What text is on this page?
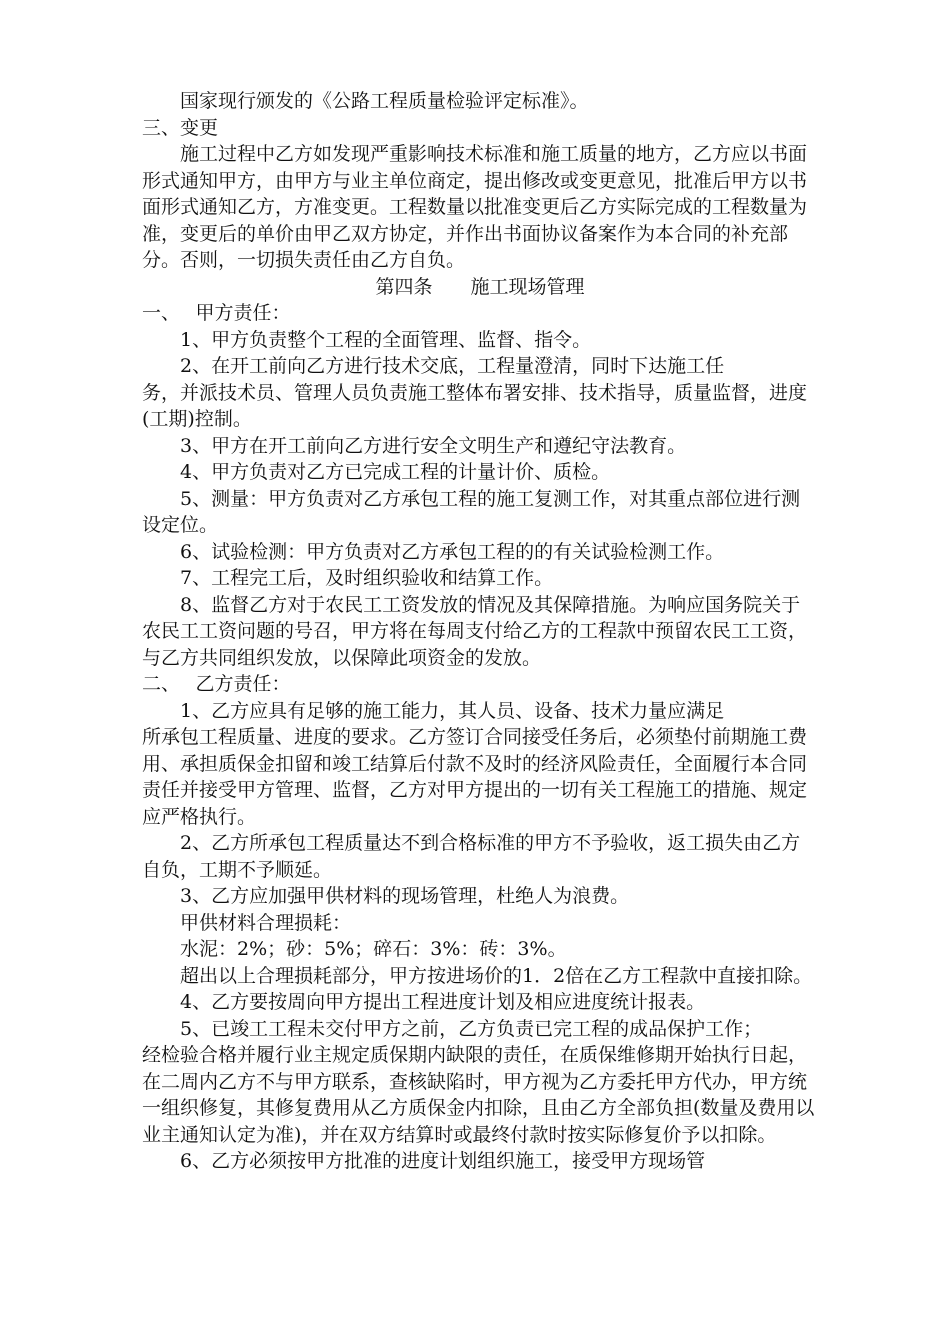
国家现行颁发的《公路工程质量检验评定标准》。

三、变更

施工过程中乙方如发现严重影响技术标准和施工质量的地方，乙方应以书面形式通知甲方，由甲方与业主单位商定，提出修改或变更意见，批准后甲方以书面形式通知乙方，方准变更。工程数量以批准变更后乙方实际完成的工程数量为准，变更后的单价由甲乙双方协定，并作出书面协议备案作为本合同的补充部分。否则，一切损失责任由乙方自负。

第四条　　施工现场管理

一、　 甲方责任：

1、甲方负责整个工程的全面管理、监督、指令。

2、在开工前向乙方进行技术交底，工程量澄清，同时下达施工任

务，并派技术员、管理人员负责施工整体布署安排、技术指导，质量监督，进度(工期)控制。

3、甲方在开工前向乙方进行安全文明生产和遵纪守法教育。

4、甲方负责对乙方已完成工程的计量计价、质检。

5、测量：甲方负责对乙方承包工程的施工复测工作，对其重点部位进行测设定位。

6、试验检测：甲方负责对乙方承包工程的的有关试验检测工作。

7、工程完工后，及时组织验收和结算工作。

8、监督乙方对于农民工工资发放的情况及其保障措施。为响应国务院关于农民工工资问题的号召，甲方将在每周支付给乙方的工程款中预留农民工工资，与乙方共同组织发放，以保障此项资金的发放。

二、　 乙方责任：

1、乙方应具有足够的施工能力，其人员、设备、技术力量应满足

所承包工程质量、进度的要求。乙方签订合同接受任务后，必须垫付前期施工费用、承担质保金扣留和竣工结算后付款不及时的经济风险责任，全面履行本合同责任并接受甲方管理、监督，乙方对甲方提出的一切有关工程施工的措施、规定应严格执行。

2、乙方所承包工程质量达不到合格标准的甲方不予验收，返工损失由乙方自负，工期不予顺延。

3、乙方应加强甲供材料的现场管理，杜绝人为浪费。

甲供材料合理损耗：

水泥：2%；砂：5%；碎石：3%：砖：3%。

超出以上合理损耗部分，甲方按进场价的1．2倍在乙方工程款中直接扣除。

4、乙方要按周向甲方提出工程进度计划及相应进度统计报表。

5、已竣工工程未交付甲方之前，乙方负责已完工程的成品保护工作；

经检验合格并履行业主规定质保期内缺限的责任，在质保维修期开始执行日起，在二周内乙方不与甲方联系，查核缺陷时，甲方视为乙方委托甲方代办，甲方统一组织修复，其修复费用从乙方质保金内扣除，且由乙方全部负担(数量及费用以业主通知认定为准)，并在双方结算时或最终付款时按实际修复价予以扣除。

6、乙方必须按甲方批准的进度计划组织施工，接受甲方现场管
